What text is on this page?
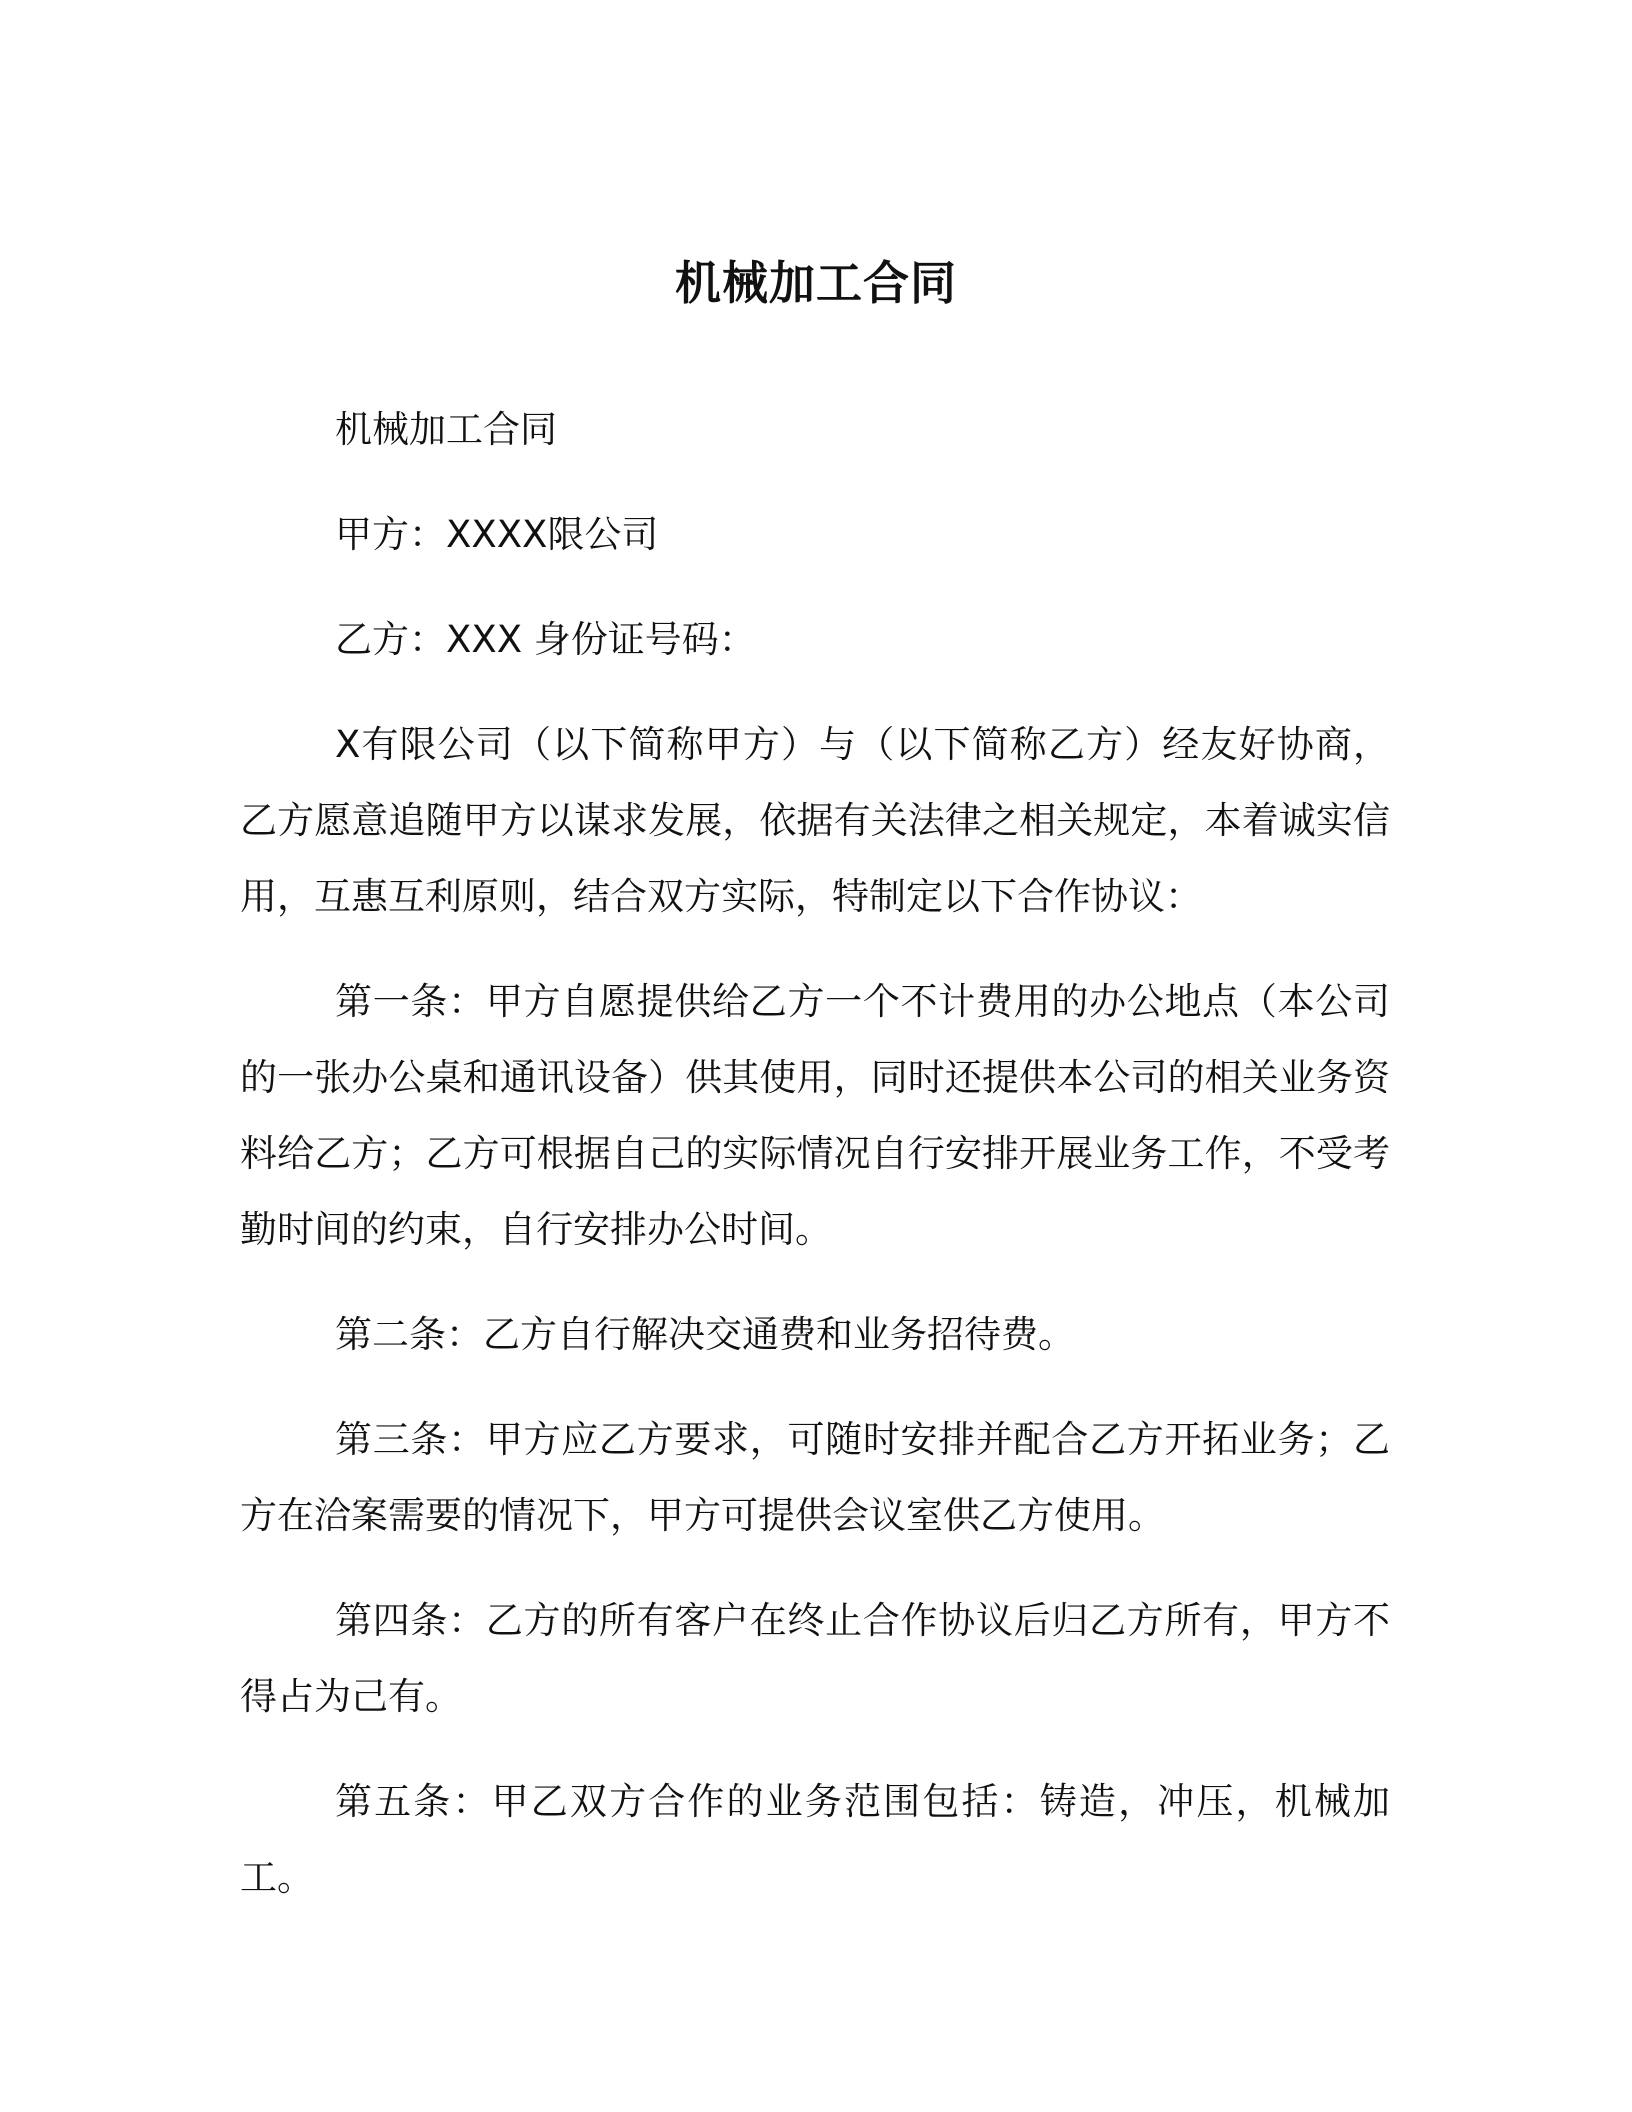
机械加工合同

机械加工合同

甲方：XXXX限公司

乙方：XXX 身份证号码：

X有限公司（以下简称甲方）与（以下简称乙方）经友好协商，乙方愿意追随甲方以谋求发展，依据有关法律之相关规定，本着诚实信用，互惠互利原则，结合双方实际，特制定以下合作协议：

第一条：甲方自愿提供给乙方一个不计费用的办公地点（本公司的一张办公桌和通讯设备）供其使用，同时还提供本公司的相关业务资料给乙方；乙方可根据自己的实际情况自行安排开展业务工作，不受考勤时间的约束，自行安排办公时间。

第二条：乙方自行解决交通费和业务招待费。

第三条：甲方应乙方要求，可随时安排并配合乙方开拓业务；乙方在洽案需要的情况下，甲方可提供会议室供乙方使用。

第四条：乙方的所有客户在终止合作协议后归乙方所有，甲方不得占为己有。

第五条：甲乙双方合作的业务范围包括：铸造，冲压，机械加工。
